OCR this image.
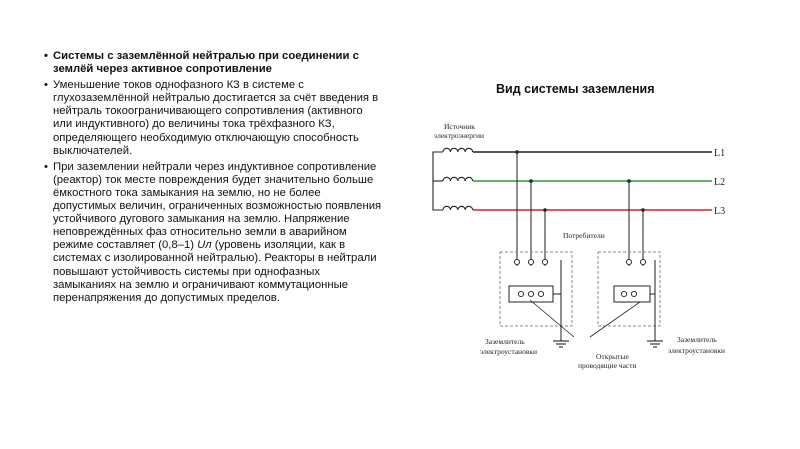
• Системы с заземлённой нейтралью при соединении с землёй через активное сопротивление
• Уменьшение токов однофазного КЗ в системе с глухозаземлённой нейтралью достигается за счёт введения в нейтраль токоограничивающего сопротивления (активного или индуктивного) до величины тока трёхфазного КЗ, определяющего необходимую отключающую способность выключателей.
• При заземлении нейтрали через индуктивное сопротивление (реактор) ток месте повреждения будет значительно больше ёмкостного тока замыкания на землю, но не более допустимых величин, ограниченных возможностью появления устойчивого дугового замыкания на землю. Напряжение неповреждённых фаз относительно земли в аварийном режиме составляет (0,8–1) Uл (уровень изоляции, как в системах с изолированной нейтралью). Реакторы в нейтрали повышают устойчивость системы при однофазных замыканиях на землю и ограничивают коммутационные перенапряжения до допустимых пределов.
Вид системы заземления
Источник
электроэнергии
L1
L2
L3
Потребители
Заземлитель
электроустановки
Открытые
проводящие части
Заземлитель
электроустановки
